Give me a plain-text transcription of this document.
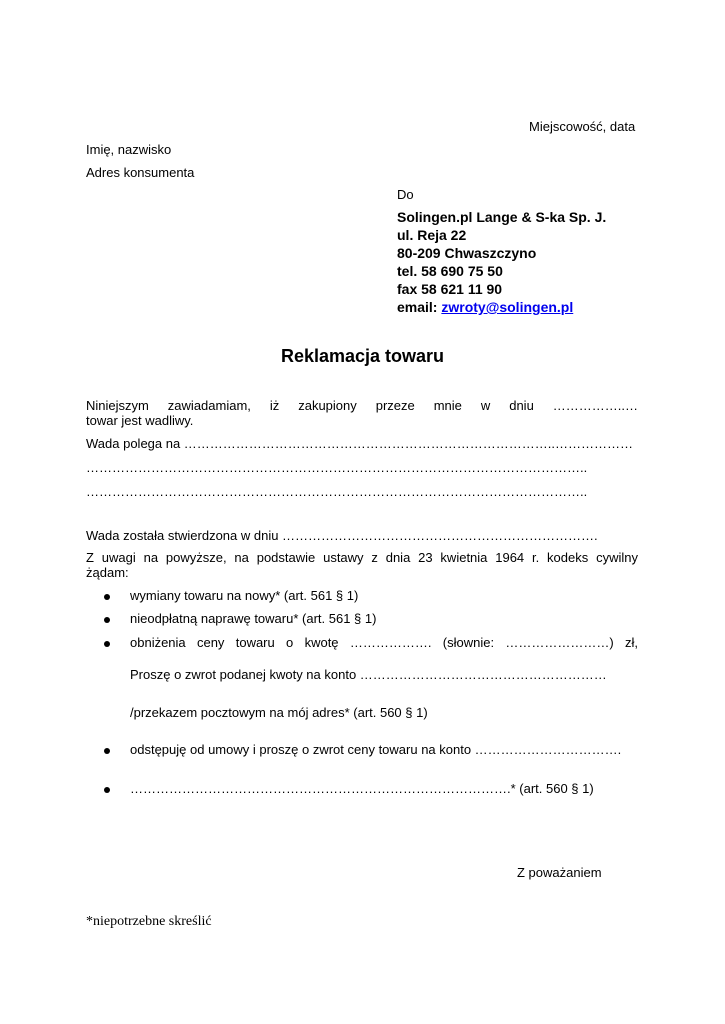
Miejscowość, data
Imię, nazwisko
Adres konsumenta
Do
Solingen.pl Lange & S-ka Sp. J.
ul. Reja 22
80-209 Chwaszczyno
tel. 58 690 75 50
fax 58 621 11 90
email: zwroty@solingen.pl
Reklamacja towaru
Niniejszym zawiadamiam, iż zakupiony przeze mnie w dniu ……………..…
towar jest wadliwy.
Wada polega na …………………………………………………………………………..………………
……………………………………………………………………………………………………..
……………………………………………………………………………………………………..
Wada została stwierdzona w dniu ……………………………………………………………….
Z uwagi na powyższe, na podstawie ustawy z dnia 23 kwietnia 1964 r. kodeks cywilny
żądam:
wymiany towaru na nowy* (art. 561 § 1)
nieodpłatną naprawę towaru* (art. 561 § 1)
obniżenia ceny towaru o kwotę ………………. (słownie: ……………………) zł,
Proszę o zwrot podanej kwoty na konto …………………………………………………
/przekazem pocztowym na mój adres* (art. 560 § 1)
odstępuję od umowy i proszę o zwrot ceny towaru na konto …………………………….
…………………………………………………………………………….* (art. 560 § 1)
Z poważaniem
*niepotrzebne skreślić
